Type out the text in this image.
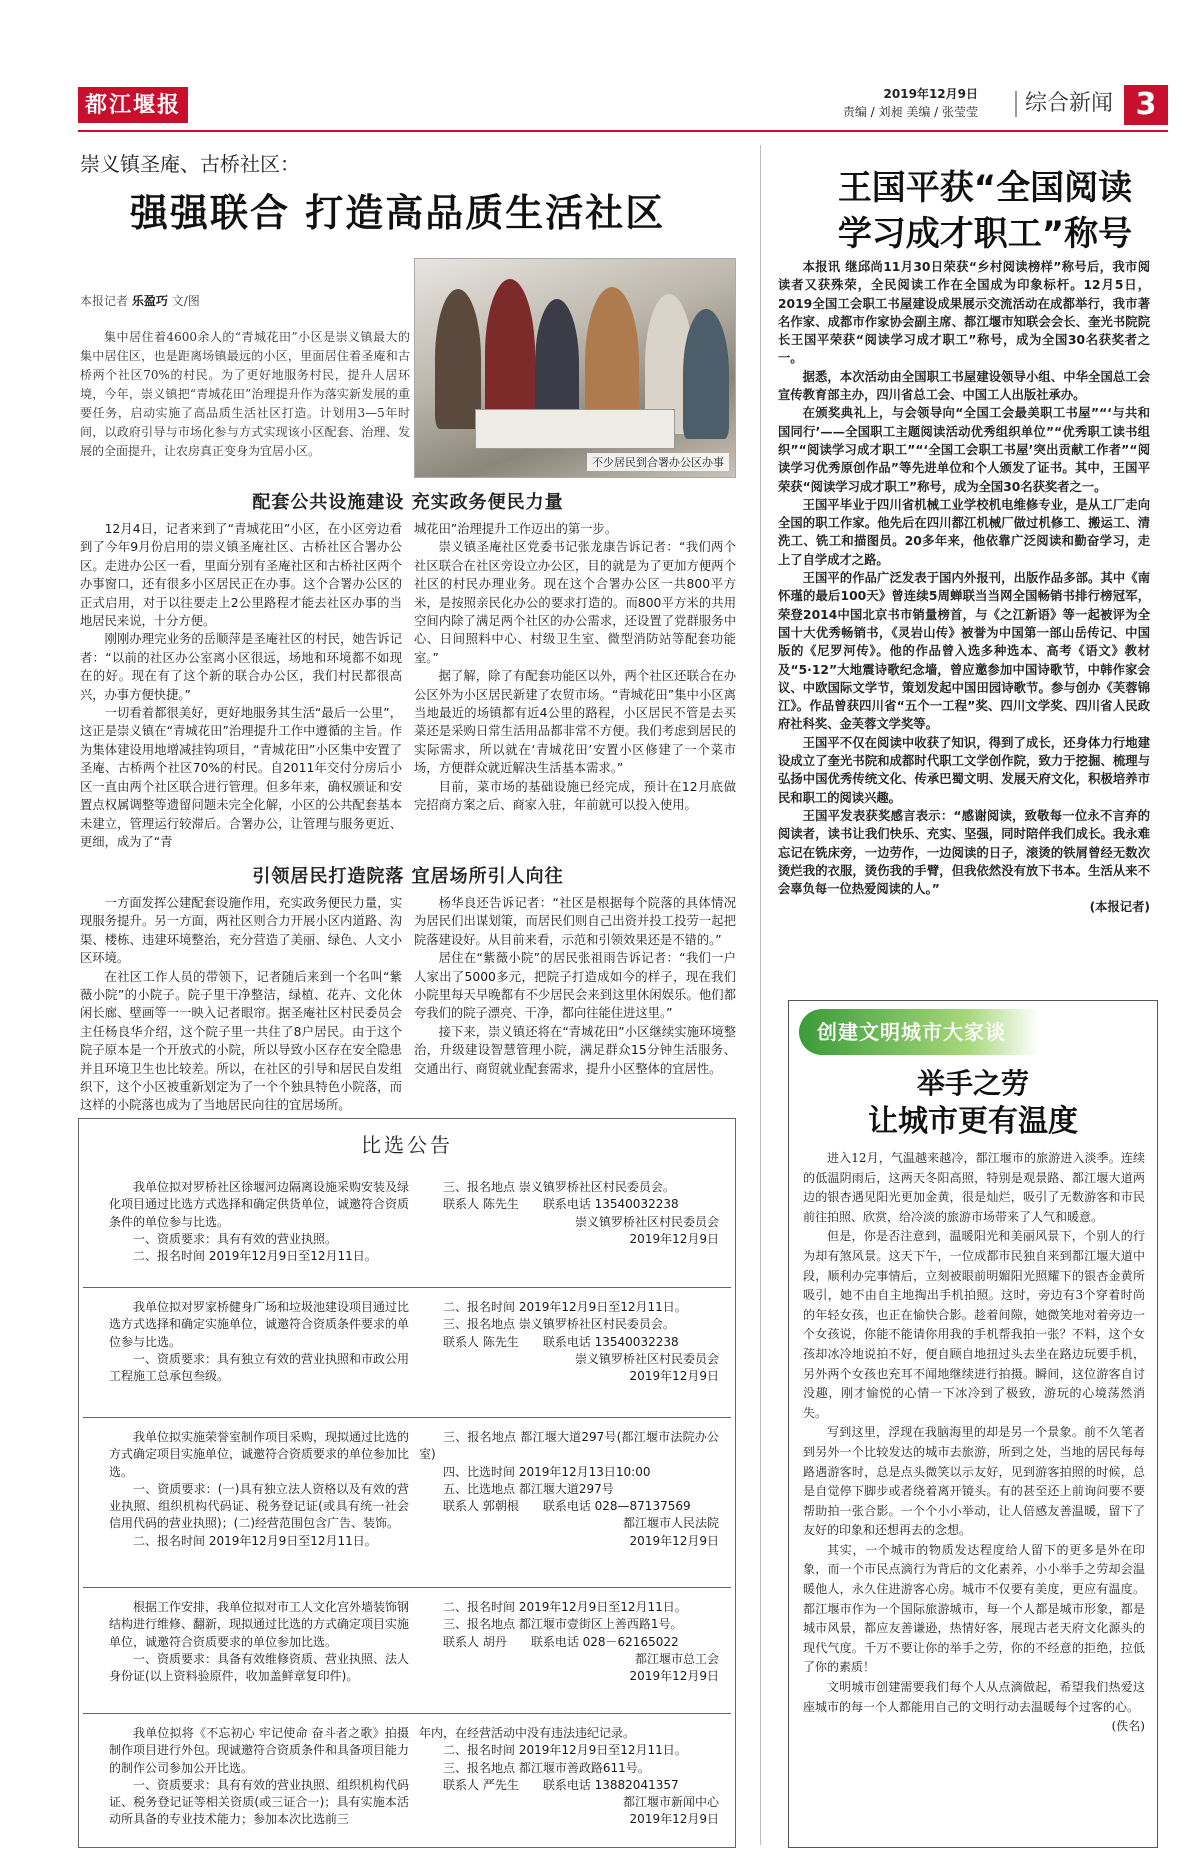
都江堰报	2019年12月9日
责编 / 刘昶 美编 / 张莹莹	综合新闻 3
崇义镇圣庵、古桥社区：
强强联合 打造高品质生活社区
本报记者 乐盈巧 文/图
集中居住着4600余人的“青城花田”小区是崇义镇最大的集中居住区，也是距离场镇最远的小区，里面居住着圣庵和古桥两个社区70%的村民。为了更好地服务村民，提升人居环境，今年，崇义镇把“青城花田”治理提升作为落实新发展的重要任务，启动实施了高品质生活社区打造。计划用3—5年时间，以政府引导与市场化参与方式实现该小区配套、治理、发展的全面提升，让农房真正变身为宜居小区。
不少居民到合署办公区办事
配套公共设施建设 充实政务便民力量

12月4日，记者来到了“青城花田”小区，在小区旁边看到了今年9月份启用的崇义镇圣庵社区、古桥社区合署办公区。走进办公区一看，里面分别有圣庵社区和古桥社区两个办事窗口，还有很多小区居民正在办事。这个合署办公区的正式启用，对于以往要走上2公里路程才能去社区办事的当地居民来说，十分方便。

刚刚办理完业务的岳顺萍是圣庵社区的村民，她告诉记者：“以前的社区办公室离小区很远，场地和环境都不如现在的好。现在有了这个新的联合办公区，我们村民都很高兴，办事方便快捷。”

一切看着都很美好，更好地服务其生活“最后一公里”，这正是崇义镇在“青城花田”治理提升工作中遵循的主旨。作为集体建设用地增减挂钩项目，“青城花田”小区集中安置了圣庵、古桥两个社区70%的村民。自2011年交付分房后小区一直由两个社区联合进行管理。但多年来，确权颁证和安置点权属调整等遗留问题未完全化解，小区的公共配套基本未建立，管理运行较滞后。合署办公，让管理与服务更近、更细，成为了“青

城花田”治理提升工作迈出的第一步。

崇义镇圣庵社区党委书记张龙康告诉记者：“我们两个社区联合在社区旁设立办公区，目的就是为了更加方便两个社区的村民办理业务。现在这个合署办公区一共800平方米，是按照亲民化办公的要求打造的。而800平方米的共用空间内除了满足两个社区的办公需求，还设置了党群服务中心、日间照料中心、村级卫生室、微型消防站等配套功能室。”

据了解，除了有配套功能区以外，两个社区还联合在办公区外为小区居民新建了农贸市场。“青城花田”集中小区离当地最近的场镇都有近4公里的路程，小区居民不管是去买菜还是采购日常生活用品都非常不方便。我们考虑到居民的实际需求，所以就在‘青城花田’安置小区修建了一个菜市场，方便群众就近解决生活基本需求。”

目前，菜市场的基础设施已经完成，预计在12月底做完招商方案之后、商家入驻，年前就可以投入使用。

引领居民打造院落 宜居场所引人向往

一方面发挥公建配套设施作用，充实政务便民力量，实现服务提升。另一方面，两社区则合力开展小区内道路、沟渠、楼栋、违建环境整治，充分营造了美丽、绿色、人文小区环境。

在社区工作人员的带领下，记者随后来到一个名叫“紫薇小院”的小院子。院子里干净整洁，绿植、花卉、文化休闲长廊、壁画等一一映入记者眼帘。据圣庵社区村民委员会主任杨良华介绍，这个院子里一共住了8户居民。由于这个院子原本是一个开放式的小院，所以导致小区存在安全隐患并且环境卫生也比较差。所以，在社区的引导和居民自发组织下，这个小区被重新划定为了一个个独具特色小院落，而这样的小院落也成为了当地居民向往的宜居场所。

杨华良还告诉记者：“社区是根据每个院落的具体情况为居民们出谋划策，而居民们则自己出资并投工投劳一起把院落建设好。从目前来看，示范和引领效果还是不错的。”

居住在“紫薇小院”的居民张祖雨告诉记者：“我们一户人家出了5000多元，把院子打造成如今的样子，现在我们小院里每天早晚都有不少居民会来到这里休闲娱乐。他们都夸我们的院子漂亮、干净，都向往能住进这里。”

接下来，崇义镇还将在“青城花田”小区继续实施环境整治，升级建设智慧管理小院，满足群众15分钟生活服务、交通出行、商贸就业配套需求，提升小区整体的宜居性。

比选公告

我单位拟对罗桥社区徐堰河边隔离设施采购安装及绿化项目通过比选方式选择和确定供货单位，诚邀符合资质条件的单位参与比选。

一、资质要求：具有有效的营业执照。

二、报名时间 2019年12月9日至12月11日。

三、报名地点 崇义镇罗桥社区村民委员会。

联系人 陈先生　　联系电话 13540032238

崇义镇罗桥社区村民委员会

2019年12月9日

我单位拟对罗家桥健身广场和垃圾池建设项目通过比选方式选择和确定实施单位，诚邀符合资质条件要求的单位参与比选。

一、资质要求：具有独立有效的营业执照和市政公用工程施工总承包叁级。

二、报名时间 2019年12月9日至12月11日。

三、报名地点 崇义镇罗桥社区村民委员会。

联系人 陈先生　　联系电话 13540032238

崇义镇罗桥社区村民委员会

2019年12月9日

我单位拟实施荣誉室制作项目采购，现拟通过比选的方式确定项目实施单位，诚邀符合资质要求的单位参加比选。

一、资质要求：(一)具有独立法人资格以及有效的营业执照、组织机构代码证、税务登记证(或具有统一社会信用代码的营业执照)；(二)经营范围包含广告、装饰。

二、报名时间 2019年12月9日至12月11日。

三、报名地点 都江堰大道297号(都江堰市法院办公室)

四、比选时间 2019年12月13日10:00

五、比选地点 都江堰大道297号

联系人 郭朝根　　联系电话 028—87137569

都江堰市人民法院

2019年12月9日

根据工作安排，我单位拟对市工人文化宫外墙装饰钢结构进行维修、翻新，现拟通过比选的方式确定项目实施单位，诚邀符合资质要求的单位参加比选。

一、资质要求：具备有效维修资质、营业执照、法人身份证(以上资料验原件，收加盖鲜章复印件)。

二、报名时间 2019年12月9日至12月11日。

三、报名地点 都江堰市壹街区上善西路1号。

联系人 胡丹　　联系电话 028－62165022

都江堰市总工会

2019年12月9日

我单位拟将《不忘初心 牢记使命 奋斗者之歌》拍摄制作项目进行外包。现诚邀符合资质条件和具备项目能力的制作公司参加公开比选。

一、资质要求：具有有效的营业执照、组织机构代码证、税务登记证等相关资质(或三证合一)；具有实施本活动所具备的专业技术能力；参加本次比选前三

年内，在经营活动中没有违法违纪记录。

二、报名时间 2019年12月9日至12月11日。

三、报名地点 都江堰市善政路611号。

联系人 严先生　　联系电话 13882041357

都江堰市新闻中心

2019年12月9日

王国平获“全国阅读
学习成才职工”称号

本报讯 继邱尚11月30日荣获“乡村阅读榜样”称号后，我市阅读者又获殊荣，全民阅读工作在全国成为印象标杆。12月5日，2019全国工会职工书屋建设成果展示交流活动在成都举行，我市著名作家、成都市作家协会副主席、都江堰市知联会会长、奎光书院院长王国平荣获“阅读学习成才职工”称号，成为全国30名获奖者之一。

据悉，本次活动由全国职工书屋建设领导小组、中华全国总工会宣传教育部主办，四川省总工会、中国工人出版社承办。

在颁奖典礼上，与会领导向“全国工会最美职工书屋”“‘与共和国同行’——全国职工主题阅读活动优秀组织单位”“优秀职工读书组织”“阅读学习成才职工”“‘全国工会职工书屋’突出贡献工作者”“阅读学习优秀原创作品”等先进单位和个人颁发了证书。其中，王国平荣获“阅读学习成才职工”称号，成为全国30名获奖者之一。

王国平毕业于四川省机械工业学校机电维修专业，是从工厂走向全国的职工作家。他先后在四川都江机械厂做过机修工、搬运工、清洗工、铣工和描图员。20多年来，他依靠广泛阅读和勤奋学习，走上了自学成才之路。

王国平的作品广泛发表于国内外报刊，出版作品多部。其中《南怀瑾的最后100天》曾连续5周蝉联当当网全国畅销书排行榜冠军，荣登2014中国北京书市销量榜首，与《之江新语》等一起被评为全国十大优秀畅销书，《灵岩山传》被誉为中国第一部山岳传记、中国版的《尼罗河传》。他的作品曾入选多种选本、高考《语文》教材及“5·12”大地震诗歌纪念墙，曾应邀参加中国诗歌节，中韩作家会议、中欧国际文学节，策划发起中国田园诗歌节。参与创办《芙蓉锦江》。作品曾获四川省“五个一工程”奖、四川文学奖、四川省人民政府社科奖、金芙蓉文学奖等。

王国平不仅在阅读中收获了知识，得到了成长，还身体力行地建设成立了奎光书院和成都时代职工文学创作院，致力于挖掘、梳理与弘扬中国优秀传统文化、传承巴蜀文明、发展天府文化，积极培养市民和职工的阅读兴趣。

王国平发表获奖感言表示：“感谢阅读，致敬每一位永不言弃的阅读者，读书让我们快乐、充实、坚强，同时陪伴我们成长。我永难忘记在铣床旁，一边劳作，一边阅读的日子，滚烫的铁屑曾经无数次烫烂我的衣服，烫伤我的手臂，但我依然没有放下书本。生活从来不会辜负每一位热爱阅读的人。”

(本报记者)

创建文明城市大家谈
举手之劳
让城市更有温度

进入12月，气温越来越冷，都江堰市的旅游进入淡季。连续的低温阴雨后，这两天冬阳高照，特别是观景路、都江堰大道两边的银杏遇见阳光更加金黄，很是灿烂，吸引了无数游客和市民前往拍照、欣赏，给冷淡的旅游市场带来了人气和暖意。

但是，你是否注意到，温暖阳光和美丽风景下，个别人的行为却有煞风景。这天下午，一位成都市民独自来到都江堰大道中段，顺利办完事情后，立刻被眼前明媚阳光照耀下的银杏金黄所吸引，她不由自主地掏出手机拍照。这时，旁边有3个穿着时尚的年轻女孩，也正在愉快合影。趁着间隙，她微笑地对着旁边一个女孩说，你能不能请你用我的手机帮我拍一张？不料，这个女孩却冰冷地说拍不好，便自顾自地扭过头去坐在路边玩要手机，另外两个女孩也充耳不闻地继续进行拍摄。瞬间，这位游客自讨没趣，刚才愉悦的心情一下冰冷到了极致，游玩的心境荡然消失。

写到这里，浮现在我脑海里的却是另一个景象。前不久笔者到另外一个比较发达的城市去旅游，所到之处，当地的居民每每路遇游客时，总是点头微笑以示友好，见到游客拍照的时候，总是自觉停下脚步或者绕着离开镜头。有的甚至还上前询问要不要帮助拍一张合影。一个个小小举动，让人倍感友善温暖，留下了友好的印象和还想再去的念想。

其实，一个城市的物质发达程度给人留下的更多是外在印象，而一个市民点滴行为背后的文化素养，小小举手之劳却会温暖他人，永久住进游客心房。城市不仅要有美度，更应有温度。都江堰市作为一个国际旅游城市，每一个人都是城市形象，都是城市风景，都应友善谦逊，热情好客，展现古老天府文化源头的现代气度。千万不要让你的举手之劳，你的不经意的拒绝，拉低了你的素质！

文明城市创建需要我们每个人从点滴做起，希望我们热爱这座城市的每一个人都能用自己的文明行动去温暖每个过客的心。

(佚名)
